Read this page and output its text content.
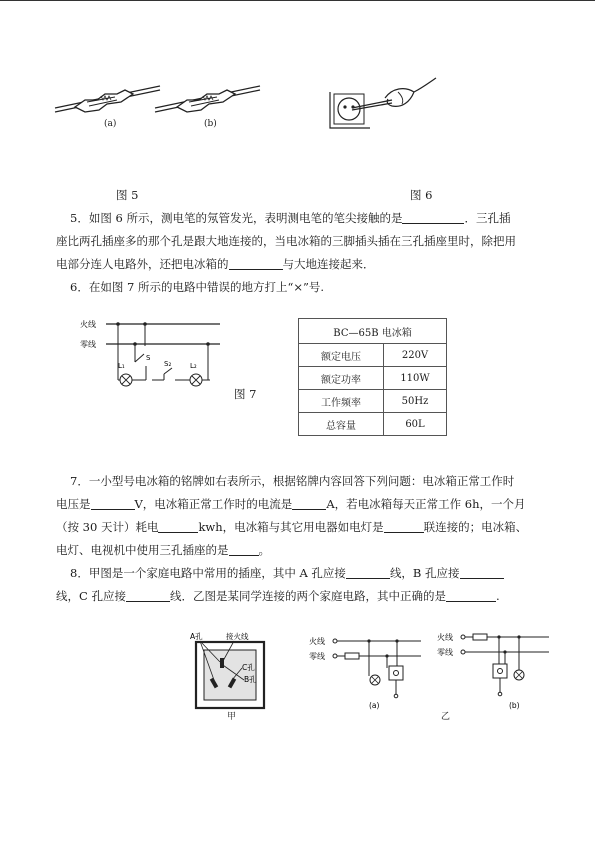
(a)	(b)
图 5	图 6
5．如图 6 所示，测电笔的氖管发光，表明测电笔的笔尖接触的是	．三孔插
座比两孔插座多的那个孔是跟大地连接的，当电冰箱的三脚插头插在三孔插座里时，除把用
电部分连人电路外，还把电冰箱的	与大地连接起来．
6．在如图 7 所示的电路中错误的地方打上“×”号.
火线
零线
L₁
S
S₂	L₂
图 7
BC—65B 电冰箱	
额定电压	220V
额定功率	110W
工作频率	50Hz
总容量	60L
7．一小型号电冰箱的铭牌如右表所示，根据铭牌内容回答下列问题：电冰箱正常工作时
电压是	V，电冰箱正常工作时的电流是	A，若电冰箱每天正常工作 6h，一个月
（按 30 天计）耗电	kwh，电冰箱与其它用电器如电灯是	联连接的；电冰箱、
电灯、电视机中使用三孔插座的是	。
8．甲图是一个家庭电路中常用的插座，其中 A 孔应接	线，B 孔应接
线，C 孔应接	线．乙图是某同学连接的两个家庭电路，其中正确的是	.
A孔	接火线
C孔
B孔
甲
火线
零线
(a)
乙
火线
零线
(b)
